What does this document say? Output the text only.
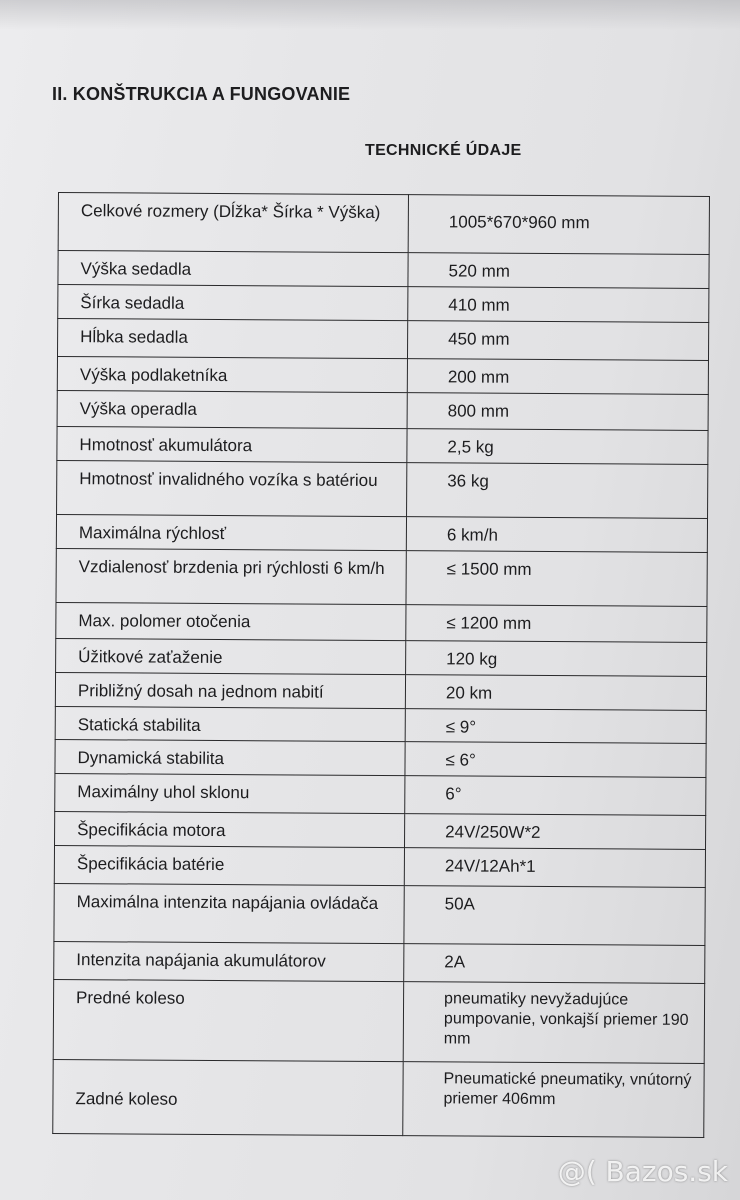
II. KONŠTRUKCIA A FUNGOVANIE
TECHNICKÉ ÚDAJE
Celkové rozmery (Dĺžka* Šírka * Výška)	1005*670*960 mm
Výška sedadla	520 mm
Šírka sedadla	410 mm
Hĺbka sedadla	450 mm
Výška podlaketníka	200 mm
Výška operadla	800 mm
Hmotnosť akumulátora	2,5 kg
Hmotnosť invalidného vozíka s batériou	36 kg
Maximálna rýchlosť	6 km/h
Vzdialenosť brzdenia pri rýchlosti 6 km/h	≤ 1500 mm
Max. polomer otočenia	≤ 1200 mm
Úžitkové zaťaženie	120 kg
Približný dosah na jednom nabití	20 km
Statická stabilita	≤ 9°
Dynamická stabilita	≤ 6°
Maximálny uhol sklonu	6°
Špecifikácia motora	24V/250W*2
Špecifikácia batérie	24V/12Ah*1
Maximálna intenzita napájania ovládača	50A
Intenzita napájania akumulátorov	2A
Predné koleso	pneumatiky nevyžadujúce pumpovanie, vonkajší priemer 190 mm
Zadné koleso	Pneumatické pneumatiky, vnútorný priemer 406mm
@( Bazos.sk
